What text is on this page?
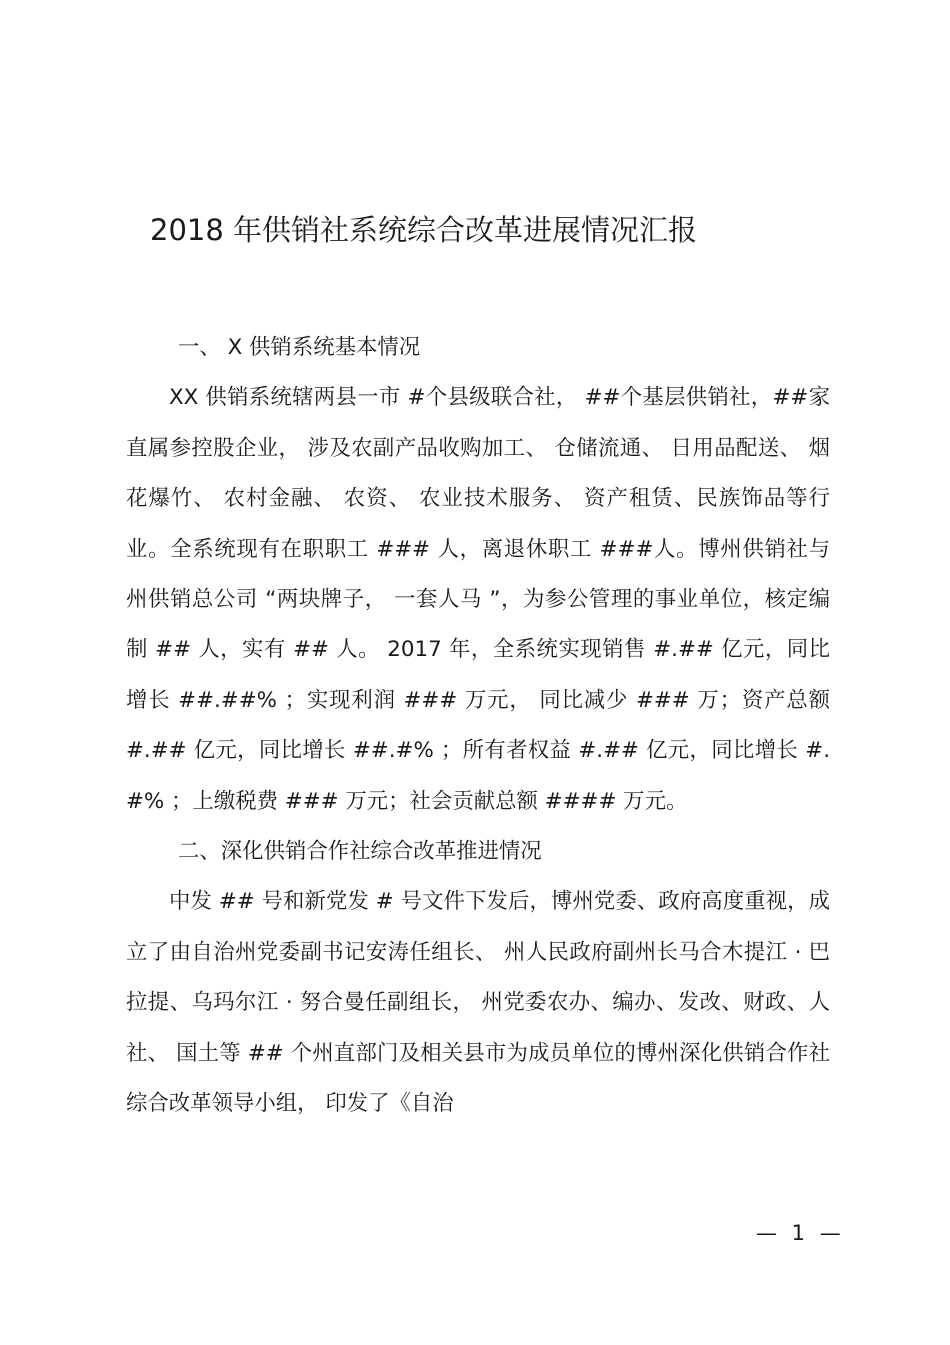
2018 年供销社系统综合改革进展情况汇报

一、 X 供销系统基本情况

XX 供销系统辖两县一市 #个县级联合社， ##个基层供销社，##家直属参控股企业， 涉及农副产品收购加工、 仓储流通、 日用品配送、 烟花爆竹、 农村金融、 农资、 农业技术服务、 资产租赁、民族饰品等行业。全系统现有在职职工 ### 人，离退休职工 ###人。博州供销社与州供销总公司 “两块牌子， 一套人马 ”，为参公管理的事业单位，核定编制 ## 人，实有 ## 人。 2017 年，全系统实现销售 #.## 亿元，同比增长 ##.##% ；实现利润 ### 万元， 同比减少 ### 万；资产总额 #.## 亿元，同比增长 ##.#% ；所有者权益 #.## 亿元，同比增长 #.#% ；上缴税费 ### 万元；社会贡献总额 #### 万元。

二、深化供销合作社综合改革推进情况

中发 ## 号和新党发 # 号文件下发后，博州党委、政府高度重视，成立了由自治州党委副书记安涛任组长、 州人民政府副州长马合木提江 · 巴拉提、乌玛尔江 · 努合曼任副组长， 州党委农办、编办、发改、财政、人社、 国土等 ## 个州直部门及相关县市为成员单位的博州深化供销合作社综合改革领导小组， 印发了《自治

— 1 —
